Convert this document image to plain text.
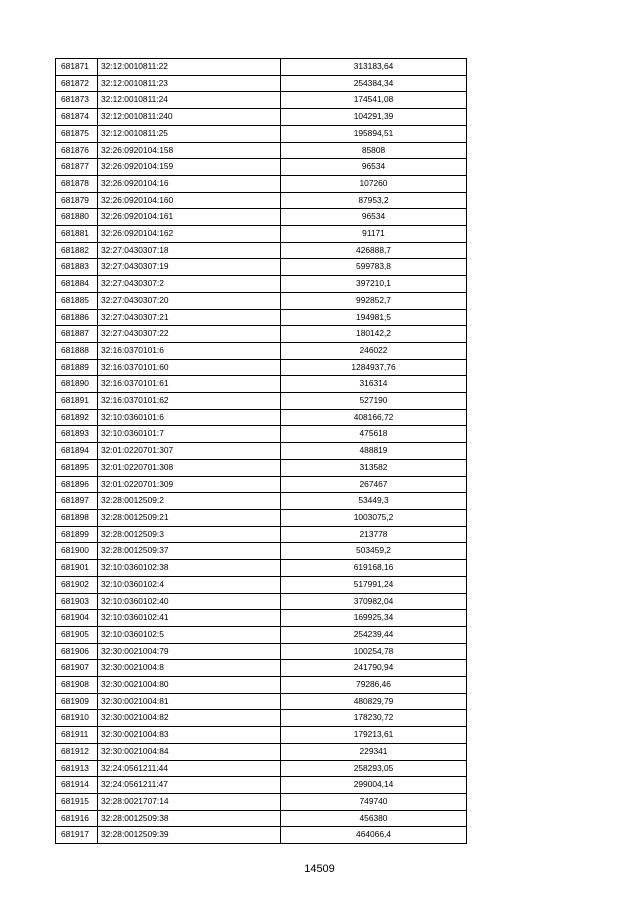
681871	32:12:0010811:22	313183,64
681872	32:12:0010811:23	254384,34
681873	32:12:0010811:24	174541,08
681874	32:12:0010811:240	104291,39
681875	32:12:0010811:25	195894,51
681876	32:26:0920104:158	85808
681877	32:26:0920104:159	96534
681878	32:26:0920104:16	107260
681879	32:26:0920104:160	87953,2
681880	32:26:0920104:161	96534
681881	32:26:0920104:162	91171
681882	32:27:0430307:18	426888,7
681883	32:27:0430307:19	599783,8
681884	32:27:0430307:2	397210,1
681885	32:27:0430307:20	992852,7
681886	32:27:0430307:21	194981,5
681887	32:27:0430307:22	180142,2
681888	32:16:0370101:6	246022
681889	32:16:0370101:60	1284937,76
681890	32:16:0370101:61	316314
681891	32:16:0370101:62	527190
681892	32:10:0360101:6	408166,72
681893	32:10:0360101:7	475618
681894	32:01:0220701:307	488819
681895	32:01:0220701:308	313582
681896	32:01:0220701:309	267467
681897	32:28:0012509:2	53449,3
681898	32:28:0012509:21	1003075,2
681899	32:28:0012509:3	213778
681900	32:28:0012509:37	503459,2
681901	32:10:0360102:38	619168,16
681902	32:10:0360102:4	517991,24
681903	32:10:0360102:40	370982,04
681904	32:10:0360102:41	169925,34
681905	32:10:0360102:5	254239,44
681906	32:30:0021004:79	100254,78
681907	32:30:0021004:8	241790,94
681908	32:30:0021004:80	79286,46
681909	32:30:0021004:81	480829,79
681910	32:30:0021004:82	178230,72
681911	32:30:0021004:83	179213,61
681912	32:30:0021004:84	229341
681913	32:24:0561211:44	258293,05
681914	32:24:0561211:47	299004,14
681915	32:28:0021707:14	749740
681916	32:28:0012509:38	456380
681917	32:28:0012509:39	464066,4
14509
